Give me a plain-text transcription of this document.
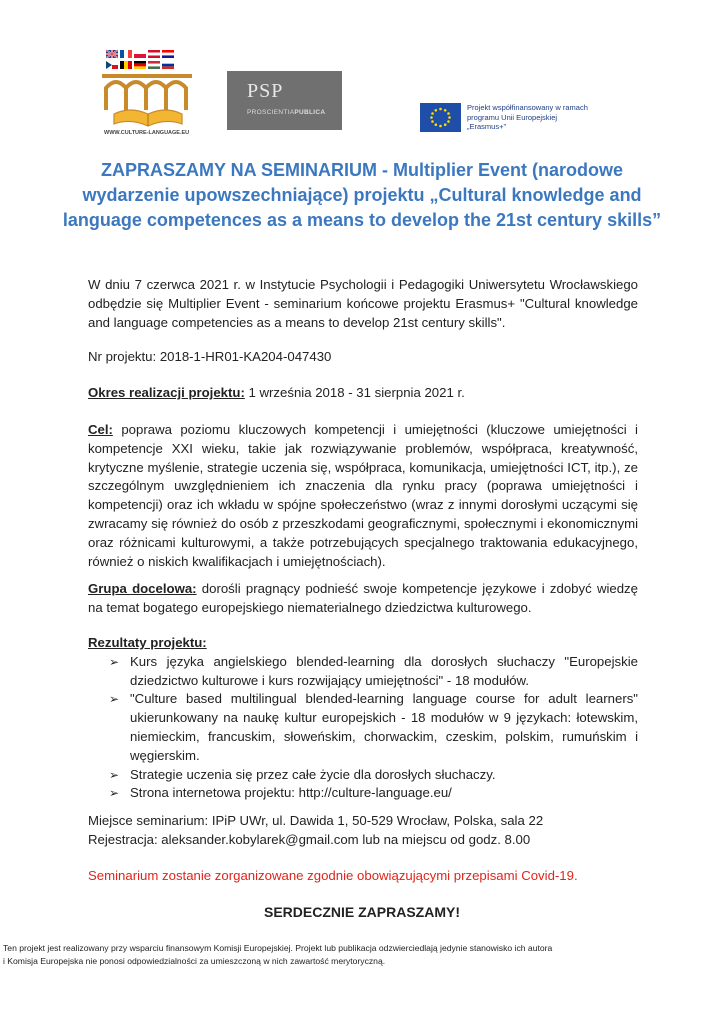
WWW.CULTURE-LANGUAGE.EU
PSP
PROSCIENTIAPUBLICA
Projekt współfinansowany w ramach programu Unii Europejskiej „Erasmus+”
ZAPRASZAMY NA SEMINARIUM - Multiplier Event (narodowe wydarzenie upowszechniające) projektu „Cultural knowledge and language competences as a means to develop the 21st century skills”
W dniu 7 czerwca 2021 r. w Instytucie Psychologii i Pedagogiki Uniwersytetu Wrocławskiego odbędzie się Multiplier Event - seminarium końcowe projektu Erasmus+ "Cultural knowledge and language competencies as a means to develop 21st century skills".
Nr projektu: 2018-1-HR01-KA204-047430
Okres realizacji projektu: 1 września 2018 - 31 sierpnia 2021 r.
Cel: poprawa poziomu kluczowych kompetencji i umiejętności (kluczowe umiejętności i kompetencje XXI wieku, takie jak rozwiązywanie problemów, współpraca, kreatywność, krytyczne myślenie, strategie uczenia się, współpraca, komunikacja, umiejętności ICT, itp.), ze szczególnym uwzględnieniem ich znaczenia dla rynku pracy (poprawa umiejętności i kompetencji) oraz ich wkładu w spójne społeczeństwo (wraz z innymi dorosłymi uczącymi się zwracamy się również do osób z przeszkodami geograficznymi, społecznymi i ekonomicznymi oraz różnicami kulturowymi, a także potrzebujących specjalnego traktowania edukacyjnego, również o niskich kwalifikacjach i umiejętnościach).
Grupa docelowa: dorośli pragnący podnieść swoje kompetencje językowe i zdobyć wiedzę na temat bogatego europejskiego niematerialnego dziedzictwa kulturowego.
Rezultaty projektu:
➢ Kurs języka angielskiego blended-learning dla dorosłych słuchaczy "Europejskie dziedzictwo kulturowe i kurs rozwijający umiejętności" - 18 modułów.
➢ "Culture based multilingual blended-learning language course for adult learners" ukierunkowany na naukę kultur europejskich - 18 modułów w 9 językach: łotewskim, niemieckim, francuskim, słoweńskim, chorwackim, czeskim, polskim, rumuńskim i węgierskim.
➢ Strategie uczenia się przez całe życie dla dorosłych słuchaczy.
➢ Strona internetowa projektu: http://culture-language.eu/
Miejsce seminarium: IPiP UWr, ul. Dawida 1, 50-529 Wrocław, Polska, sala 22
Rejestracja: aleksander.kobylarek@gmail.com lub na miejscu od godz. 8.00
Seminarium zostanie zorganizowane zgodnie obowiązującymi przepisami Covid-19.
SERDECZNIE ZAPRASZAMY!
Ten projekt jest realizowany przy wsparciu finansowym Komisji Europejskiej. Projekt lub publikacja odzwierciedlają jedynie stanowisko ich autora
i Komisja Europejska nie ponosi odpowiedzialności za umieszczoną w nich zawartość merytoryczną.
